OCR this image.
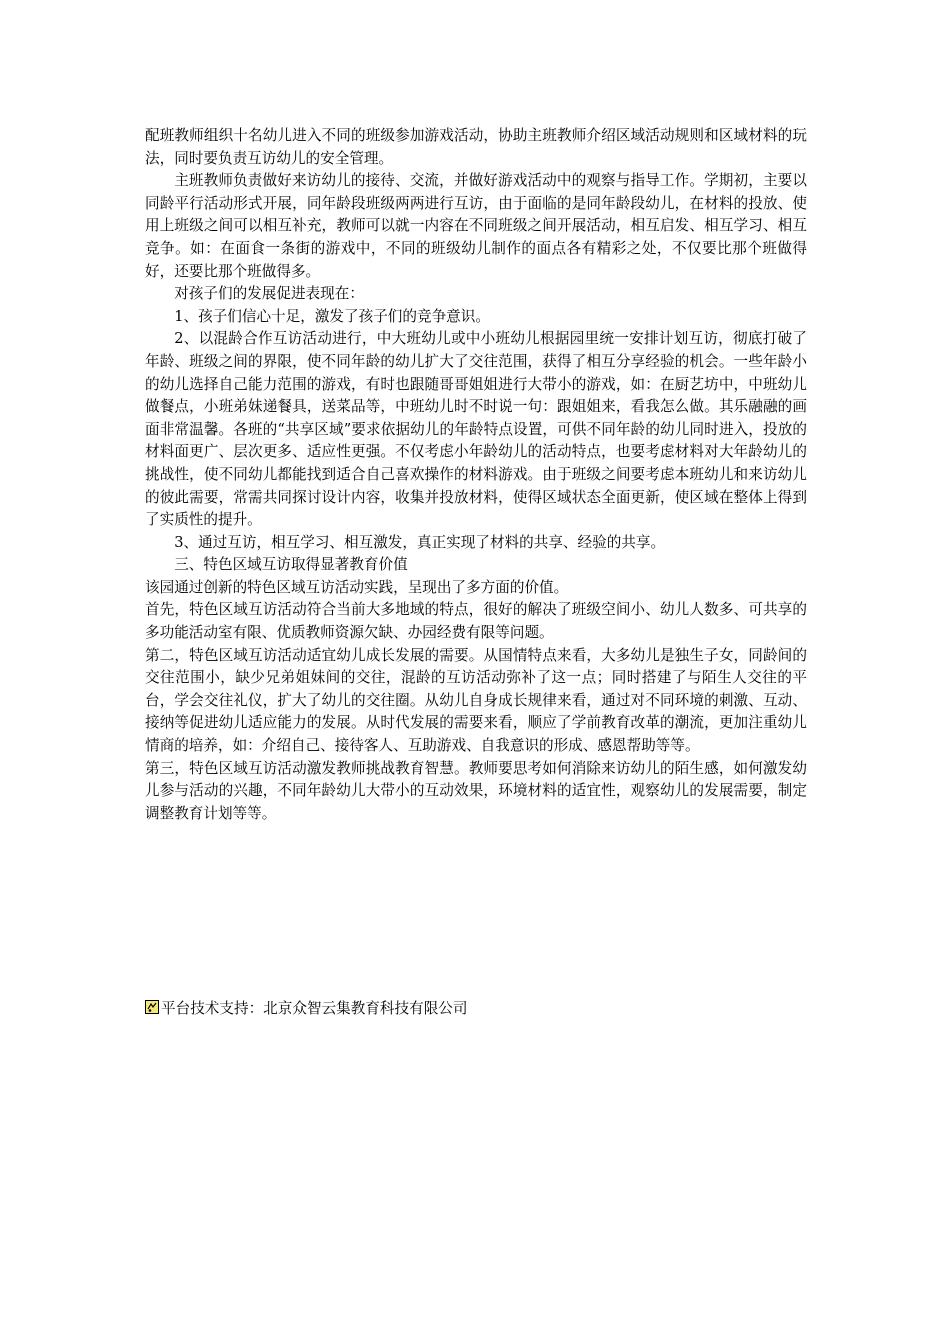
配班教师组织十名幼儿进入不同的班级参加游戏活动，协助主班教师介绍区域活动规则和区域材料的玩法，同时要负责互访幼儿的安全管理。

主班教师负责做好来访幼儿的接待、交流，并做好游戏活动中的观察与指导工作。学期初，主要以同龄平行活动形式开展，同年龄段班级两两进行互访，由于面临的是同年龄段幼儿，在材料的投放、使用上班级之间可以相互补充，教师可以就一内容在不同班级之间开展活动，相互启发、相互学习、相互竞争。如：在面食一条街的游戏中，不同的班级幼儿制作的面点各有精彩之处，不仅要比那个班做得好，还要比那个班做得多。

对孩子们的发展促进表现在：

1、孩子们信心十足，激发了孩子们的竞争意识。

2、以混龄合作互访活动进行，中大班幼儿或中小班幼儿根据园里统一安排计划互访，彻底打破了年龄、班级之间的界限，使不同年龄的幼儿扩大了交往范围，获得了相互分享经验的机会。一些年龄小的幼儿选择自己能力范围的游戏，有时也跟随哥哥姐姐进行大带小的游戏，如：在厨艺坊中，中班幼儿做餐点，小班弟妹递餐具，送菜品等，中班幼儿时不时说一句：跟姐姐来，看我怎么做。其乐融融的画面非常温馨。各班的“共享区域”要求依据幼儿的年龄特点设置，可供不同年龄的幼儿同时进入，投放的材料面更广、层次更多、适应性更强。不仅考虑小年龄幼儿的活动特点，也要考虑材料对大年龄幼儿的挑战性，使不同幼儿都能找到适合自己喜欢操作的材料游戏。由于班级之间要考虑本班幼儿和来访幼儿的彼此需要，常需共同探讨设计内容，收集并投放材料，使得区域状态全面更新，使区域在整体上得到了实质性的提升。

3、通过互访，相互学习、相互激发，真正实现了材料的共享、经验的共享。

三、特色区域互访取得显著教育价值

该园通过创新的特色区域互访活动实践，呈现出了多方面的价值。

首先，特色区域互访活动符合当前大多地域的特点，很好的解决了班级空间小、幼儿人数多、可共享的多功能活动室有限、优质教师资源欠缺、办园经费有限等问题。

第二，特色区域互访活动适宜幼儿成长发展的需要。从国情特点来看，大多幼儿是独生子女，同龄间的交往范围小，缺少兄弟姐妹间的交往，混龄的互访活动弥补了这一点；同时搭建了与陌生人交往的平台，学会交往礼仪，扩大了幼儿的交往圈。从幼儿自身成长规律来看，通过对不同环境的刺激、互动、接纳等促进幼儿适应能力的发展。从时代发展的需要来看，顺应了学前教育改革的潮流，更加注重幼儿情商的培养，如：介绍自己、接待客人、互助游戏、自我意识的形成、感恩帮助等等。

第三，特色区域互访活动激发教师挑战教育智慧。教师要思考如何消除来访幼儿的陌生感，如何激发幼儿参与活动的兴趣，不同年龄幼儿大带小的互动效果，环境材料的适宜性，观察幼儿的发展需要，制定调整教育计划等等。

平台技术支持：北京众智云集教育科技有限公司
